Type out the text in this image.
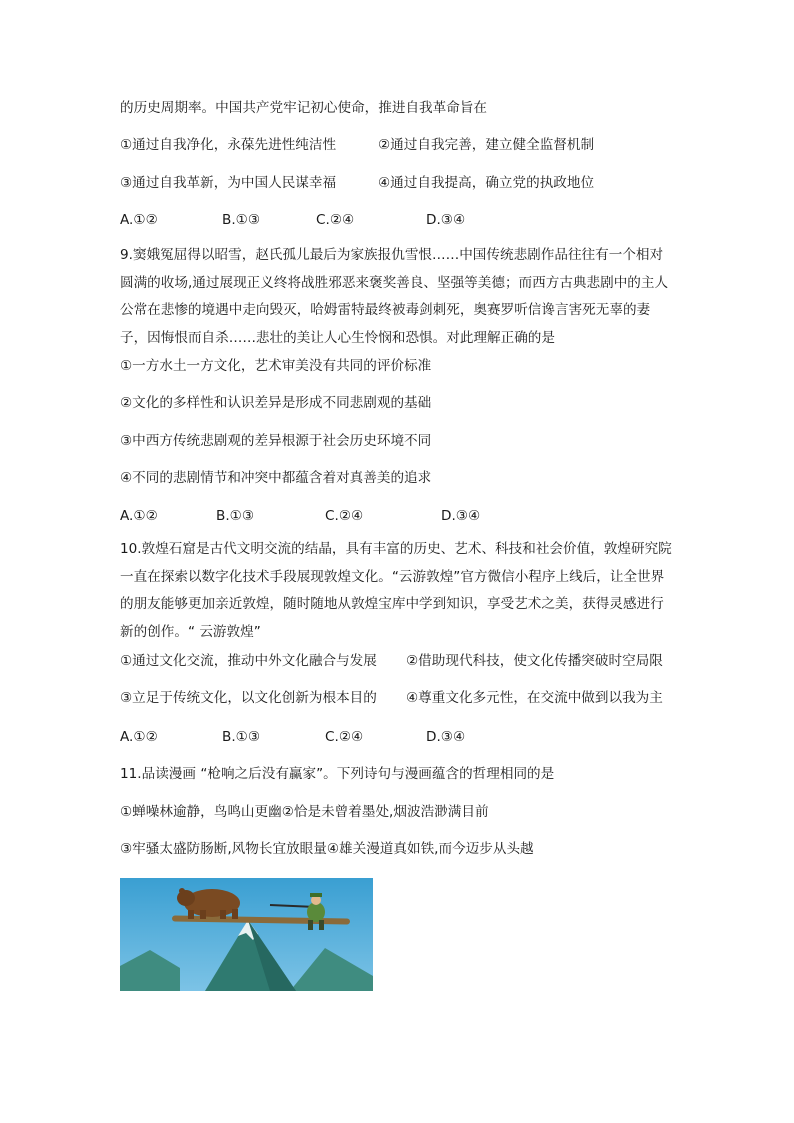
的历史周期率。中国共产党牢记初心使命，推进自我革命旨在
①通过自我净化，永葆先进性纯洁性	②通过自我完善，建立健全监督机制
③通过自我革新，为中国人民谋幸福	④通过自我提高，确立党的执政地位
A.①②	B.①③	C.②④	D.③④
9.窦娥冤屈得以昭雪，赵氏孤儿最后为家族报仇雪恨……中国传统悲剧作品往往有一个相对圆满的收场,通过展现正义终将战胜邪恶来褒奖善良、坚强等美德；而西方古典悲剧中的主人公常在悲惨的境遇中走向毁灭，哈姆雷特最终被毒剑刺死，奥赛罗听信谗言害死无辜的妻子，因悔恨而自杀……悲壮的美让人心生怜悯和恐惧。对此理解正确的是
①一方水土一方文化，艺术审美没有共同的评价标准
②文化的多样性和认识差异是形成不同悲剧观的基础
③中西方传统悲剧观的差异根源于社会历史环境不同
④不同的悲剧情节和冲突中都蕴含着对真善美的追求
A.①②	B.①③	C.②④	D.③④
10.敦煌石窟是古代文明交流的结晶，具有丰富的历史、艺术、科技和社会价值，敦煌研究院一直在探索以数字化技术手段展现敦煌文化。“云游敦煌”官方微信小程序上线后，让全世界的朋友能够更加亲近敦煌，随时随地从敦煌宝库中学到知识，享受艺术之美，获得灵感进行新的创作。“ 云游敦煌”
①通过文化交流，推动中外文化融合与发展 ②借助现代科技，使文化传播突破时空局限
③立足于传统文化，以文化创新为根本目的 ④尊重文化多元性，在交流中做到以我为主
A.①②	B.①③	C.②④	D.③④
11.品读漫画 “枪响之后没有赢家”。下列诗句与漫画蕴含的哲理相同的是
①蝉噪林逾静，鸟鸣山更幽②恰是未曾着墨处,烟波浩渺满目前
③牢骚太盛防肠断,风物长宜放眼量④雄关漫道真如铁,而今迈步从头越
